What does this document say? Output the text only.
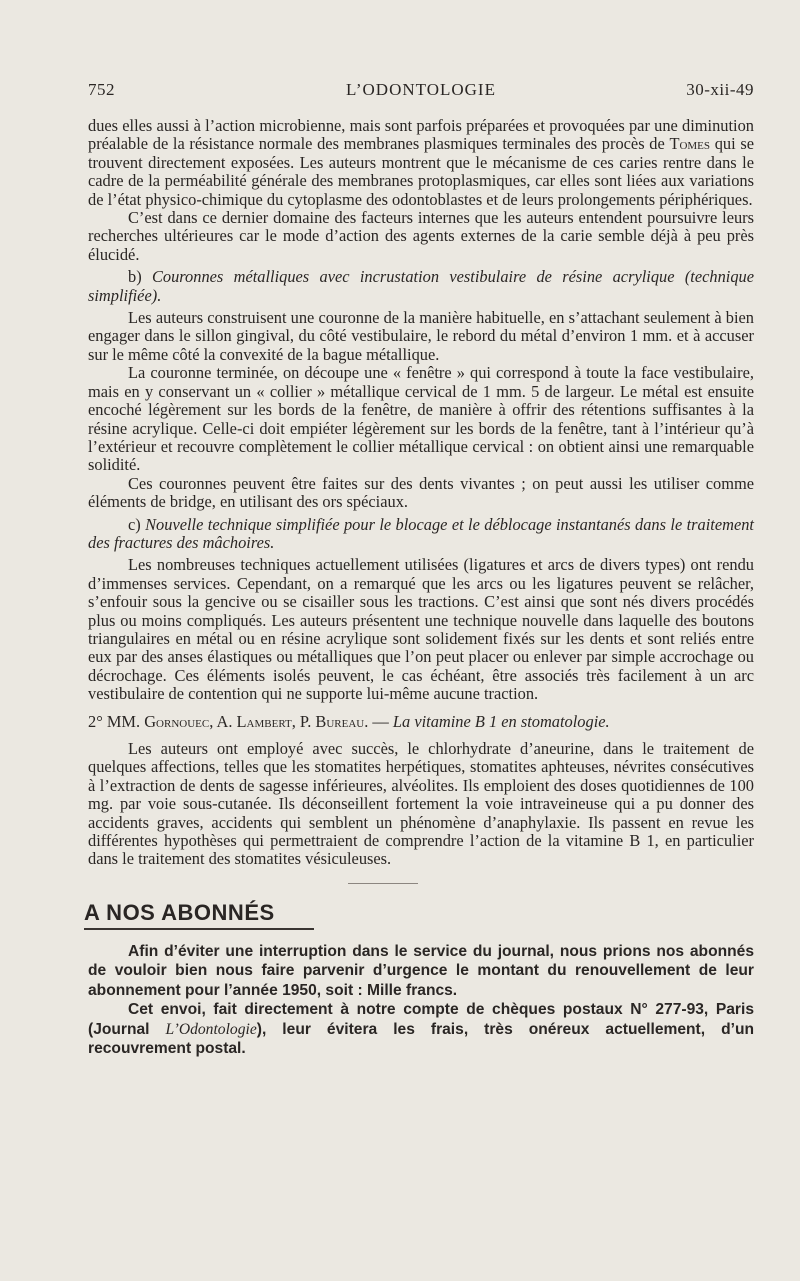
752	L’ODONTOLOGIE	30-xii-49

dues elles aussi à l’action microbienne, mais sont parfois préparées et provoquées par une diminution préalable de la résistance normale des membranes plasmiques terminales des procès de Tomes qui se trouvent directement exposées. Les auteurs montrent que le mécanisme de ces caries rentre dans le cadre de la perméabilité générale des membranes protoplasmiques, car elles sont liées aux variations de l’état physico-chimique du cytoplasme des odontoblastes et de leurs prolongements périphériques.

C’est dans ce dernier domaine des facteurs internes que les auteurs entendent poursuivre leurs recherches ultérieures car le mode d’action des agents externes de la carie semble déjà à peu près élucidé.

b) Couronnes métalliques avec incrustation vestibulaire de résine acrylique (technique simplifiée).

Les auteurs construisent une couronne de la manière habituelle, en s’attachant seulement à bien engager dans le sillon gingival, du côté vestibulaire, le rebord du métal d’environ 1 mm. et à accuser sur le même côté la convexité de la bague métallique.

La couronne terminée, on découpe une « fenêtre » qui correspond à toute la face vestibulaire, mais en y conservant un « collier » métallique cervical de 1 mm. 5 de largeur. Le métal est ensuite encoché légèrement sur les bords de la fenêtre, de manière à offrir des rétentions suffisantes à la résine acrylique. Celle-ci doit empiéter légèrement sur les bords de la fenêtre, tant à l’intérieur qu’à l’extérieur et recouvre complètement le collier métallique cervical : on obtient ainsi une remarquable solidité.

Ces couronnes peuvent être faites sur des dents vivantes ; on peut aussi les utiliser comme éléments de bridge, en utilisant des ors spéciaux.

c) Nouvelle technique simplifiée pour le blocage et le déblocage instantanés dans le traitement des fractures des mâchoires.

Les nombreuses techniques actuellement utilisées (ligatures et arcs de divers types) ont rendu d’immenses services. Cependant, on a remarqué que les arcs ou les ligatures peuvent se relâcher, s’enfouir sous la gencive ou se cisailler sous les tractions. C’est ainsi que sont nés divers procédés plus ou moins compliqués. Les auteurs présentent une technique nouvelle dans laquelle des boutons triangulaires en métal ou en résine acrylique sont solidement fixés sur les dents et sont reliés entre eux par des anses élastiques ou métalliques que l’on peut placer ou enlever par simple accrochage ou décrochage. Ces éléments isolés peuvent, le cas échéant, être associés très facilement à un arc vestibulaire de contention qui ne supporte lui-même aucune traction.

2° MM. Gornouec, A. Lambert, P. Bureau. — La vitamine B 1 en stomatologie.

Les auteurs ont employé avec succès, le chlorhydrate d’aneurine, dans le traitement de quelques affections, telles que les stomatites herpétiques, stomatites aphteuses, névrites consécutives à l’extraction de dents de sagesse inférieures, alvéolites. Ils emploient des doses quotidiennes de 100 mg. par voie sous-cutanée. Ils déconseillent fortement la voie intraveineuse qui a pu donner des accidents graves, accidents qui semblent un phénomène d’anaphylaxie. Ils passent en revue les différentes hypothèses qui permettraient de comprendre l’action de la vitamine B 1, en particulier dans le traitement des stomatites vésiculeuses.

A NOS ABONNÉS

Afin d’éviter une interruption dans le service du journal, nous prions nos abonnés de vouloir bien nous faire parvenir d’urgence le montant du renouvellement de leur abonnement pour l’année 1950, soit : Mille francs.

Cet envoi, fait directement à notre compte de chèques postaux N° 277-93, Paris (Journal L’Odontologie), leur évitera les frais, très onéreux actuellement, d’un recouvrement postal.
